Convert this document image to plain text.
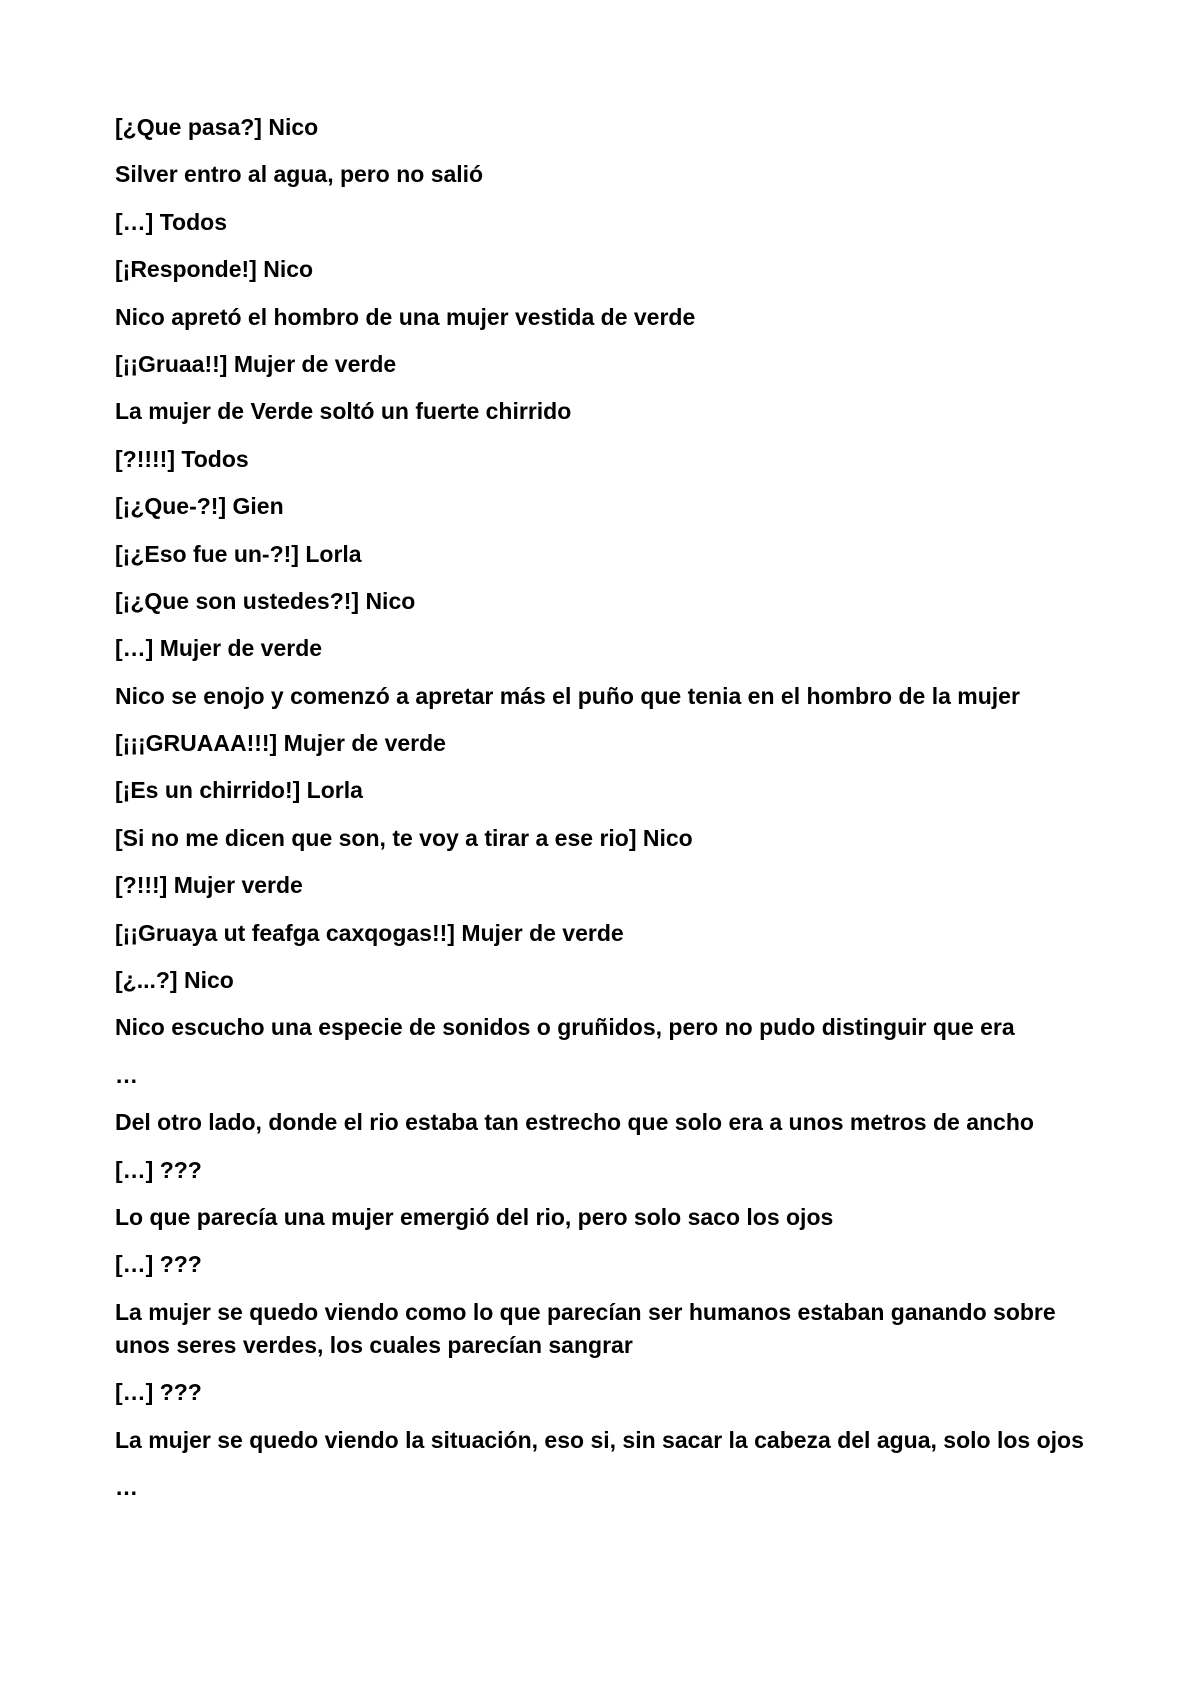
[¿Que pasa?] Nico

Silver entro al agua, pero no salió

[…] Todos

[¡Responde!] Nico

Nico apretó el hombro de una mujer vestida de verde

[¡¡Gruaa!!] Mujer de verde

La mujer de Verde soltó un fuerte chirrido

[?!!!!] Todos

[¡¿Que-?!] Gien

[¡¿Eso fue un-?!] Lorla

[¡¿Que son ustedes?!] Nico

[…] Mujer de verde

Nico se enojo y comenzó a apretar más el puño que tenia en el hombro de la mujer

[¡¡¡GRUAAA!!!] Mujer de verde

[¡Es un chirrido!] Lorla

[Si no me dicen que son, te voy a tirar a ese rio] Nico

[?!!!] Mujer verde

[¡¡Gruaya ut feafga caxqogas!!] Mujer de verde

[¿...?] Nico

Nico escucho una especie de sonidos o gruñidos, pero no pudo distinguir que era

…

Del otro lado, donde el rio estaba tan estrecho que solo era a unos metros de ancho

[…] ???

Lo que parecía una mujer emergió del rio, pero solo saco los ojos

[…] ???

La mujer se quedo viendo como lo que parecían ser humanos estaban ganando sobre unos seres verdes, los cuales parecían sangrar

[…] ???

La mujer se quedo viendo la situación, eso si, sin sacar la cabeza del agua, solo los ojos

…
